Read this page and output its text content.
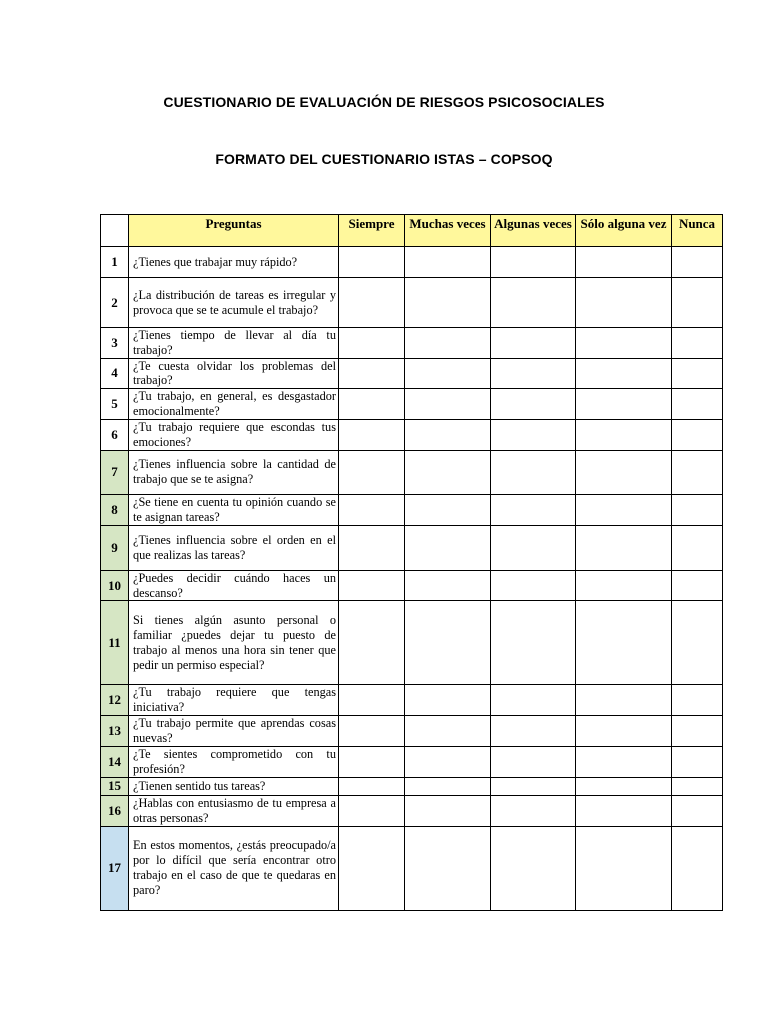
CUESTIONARIO DE EVALUACIÓN DE RIESGOS PSICOSOCIALES
FORMATO DEL CUESTIONARIO ISTAS – COPSOQ
	Preguntas	Siempre	Muchas veces	Algunas veces	Sólo alguna vez	Nunca
1	¿Tienes que trabajar muy rápido?					
2	¿La distribución de tareas es irregular y provoca que se te acumule el trabajo?					
3	¿Tienes tiempo de llevar al día tu trabajo?					
4	¿Te cuesta olvidar los problemas del trabajo?					
5	¿Tu trabajo, en general, es desgastador emocionalmente?					
6	¿Tu trabajo requiere que escondas tus emociones?					
7	¿Tienes influencia sobre la cantidad de trabajo que se te asigna?					
8	¿Se tiene en cuenta tu opinión cuando se te asignan tareas?					
9	¿Tienes influencia sobre el orden en el que realizas las tareas?					
10	¿Puedes decidir cuándo haces un descanso?					
11	Si tienes algún asunto personal o familiar ¿puedes dejar tu puesto de trabajo al menos una hora sin tener que pedir un permiso especial?					
12	¿Tu trabajo requiere que tengas iniciativa?					
13	¿Tu trabajo permite que aprendas cosas nuevas?					
14	¿Te sientes comprometido con tu profesión?					
15	¿Tienen sentido tus tareas?					
16	¿Hablas con entusiasmo de tu empresa a otras personas?					
17	En estos momentos, ¿estás preocupado/a por lo difícil que sería encontrar otro trabajo en el caso de que te quedaras en paro?					
